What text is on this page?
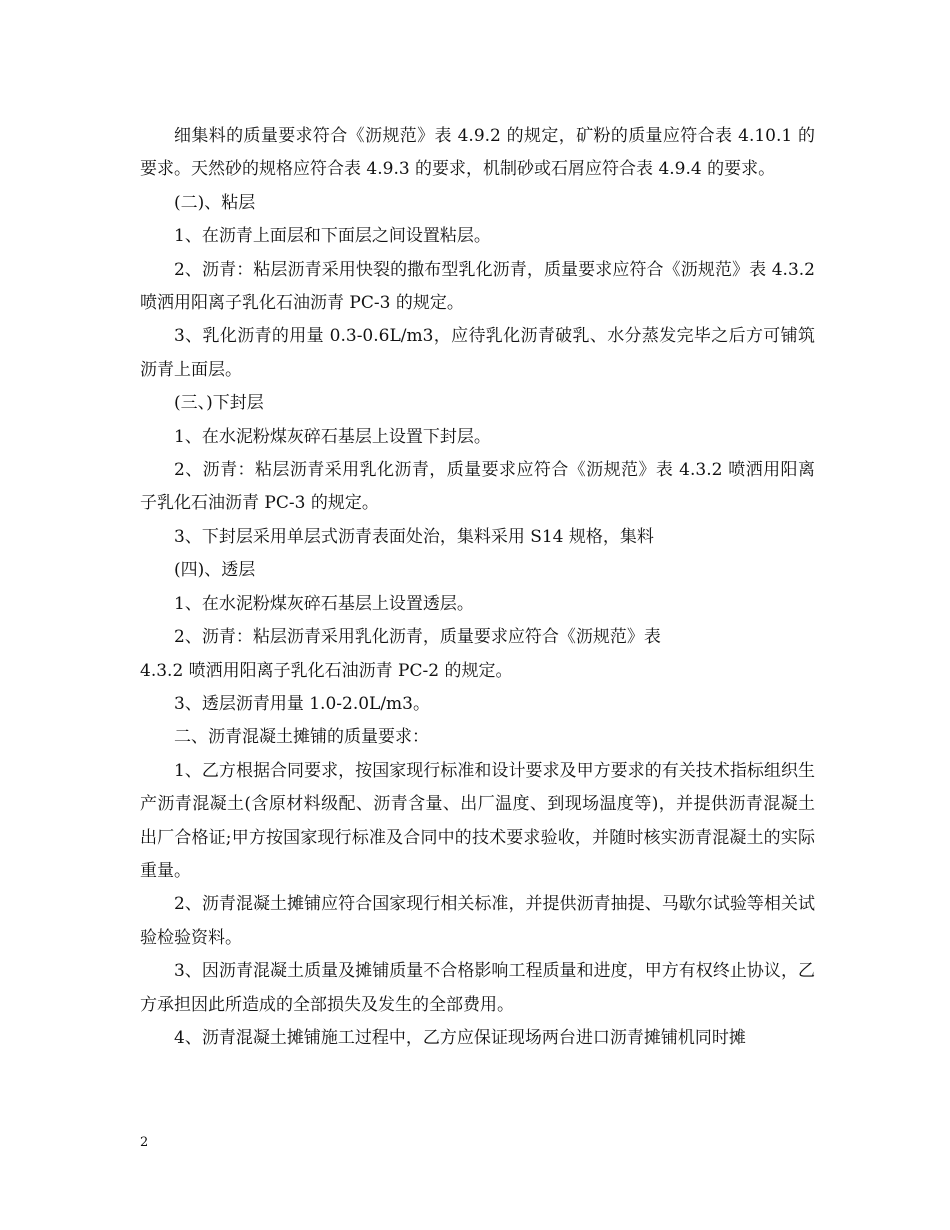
细集料的质量要求符合《沥规范》表 4.9.2 的规定，矿粉的质量应符合表 4.10.1 的要求。天然砂的规格应符合表 4.9.3 的要求，机制砂或石屑应符合表 4.9.4 的要求。

(二)、粘层

1、在沥青上面层和下面层之间设置粘层。

2、沥青：粘层沥青采用快裂的撒布型乳化沥青，质量要求应符合《沥规范》表 4.3.2 喷洒用阳离子乳化石油沥青 PC-3 的规定。

3、乳化沥青的用量 0.3-0.6L/m3，应待乳化沥青破乳、水分蒸发完毕之后方可铺筑沥青上面层。

(三、)下封层

1、在水泥粉煤灰碎石基层上设置下封层。

2、沥青：粘层沥青采用乳化沥青，质量要求应符合《沥规范》表 4.3.2 喷洒用阳离子乳化石油沥青 PC-3 的规定。

3、下封层采用单层式沥青表面处治，集料采用 S14 规格，集料

(四)、透层

1、在水泥粉煤灰碎石基层上设置透层。

2、沥青：粘层沥青采用乳化沥青，质量要求应符合《沥规范》表

4.3.2 喷洒用阳离子乳化石油沥青 PC-2 的规定。

3、透层沥青用量 1.0-2.0L/m3。

二、沥青混凝土摊铺的质量要求：

1、乙方根据合同要求，按国家现行标准和设计要求及甲方要求的有关技术指标组织生产沥青混凝土(含原材料级配、沥青含量、出厂温度、到现场温度等)，并提供沥青混凝土出厂合格证;甲方按国家现行标准及合同中的技术要求验收，并随时核实沥青混凝土的实际重量。

2、沥青混凝土摊铺应符合国家现行相关标准，并提供沥青抽提、马歇尔试验等相关试验检验资料。

3、因沥青混凝土质量及摊铺质量不合格影响工程质量和进度，甲方有权终止协议，乙方承担因此所造成的全部损失及发生的全部费用。

4、沥青混凝土摊铺施工过程中，乙方应保证现场两台进口沥青摊铺机同时摊

2
